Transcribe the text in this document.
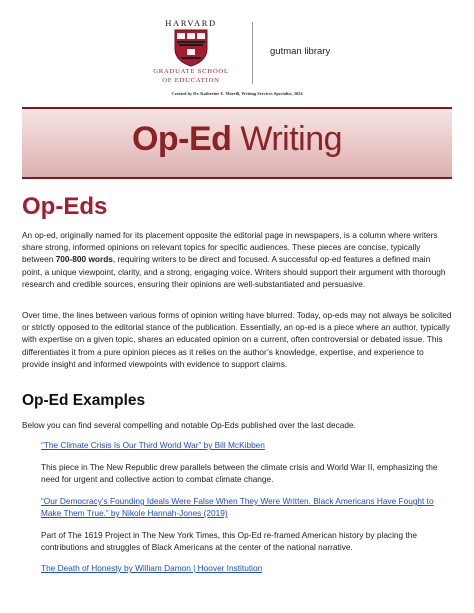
HARVARD
GRADUATE SCHOOL
OF EDUCATION
gutman library
Created by Dr. Katherine E. Morelli, Writing Services Specialist, 2024
Op-Ed Writing
Op-Eds
An op-ed, originally named for its placement opposite the editorial page in newspapers, is a column where writers share strong, informed opinions on relevant topics for specific audiences. These pieces are concise, typically between 700-800 words, requiring writers to be direct and focused. A successful op-ed features a defined main point, a unique viewpoint, clarity, and a strong, engaging voice. Writers should support their argument with thorough research and credible sources, ensuring their opinions are well-substantiated and persuasive.
Over time, the lines between various forms of opinion writing have blurred. Today, op-eds may not always be solicited or strictly opposed to the editorial stance of the publication. Essentially, an op-ed is a piece where an author, typically with expertise on a given topic, shares an educated opinion on a current, often controversial or debated issue. This differentiates it from a pure opinion pieces as it relies on the author’s knowledge, expertise, and experience to provide insight and informed viewpoints with evidence to support claims.
Op-Ed Examples
Below you can find several compelling and notable Op-Eds published over the last decade.
“The Climate Crisis Is Our Third World War” by Bill McKibben
This piece in The New Republic drew parallels between the climate crisis and World War II, emphasizing the need for urgent and collective action to combat climate change.
“Our Democracy’s Founding Ideals Were False When They Were Written. Black Americans Have Fought to Make Them True.” by Nikole Hannah-Jones (2019)
Part of The 1619 Project in The New York Times, this Op-Ed re-framed American history by placing the contributions and struggles of Black Americans at the center of the national narrative.
The Death of Honesty by William Damon | Hoover Institution
